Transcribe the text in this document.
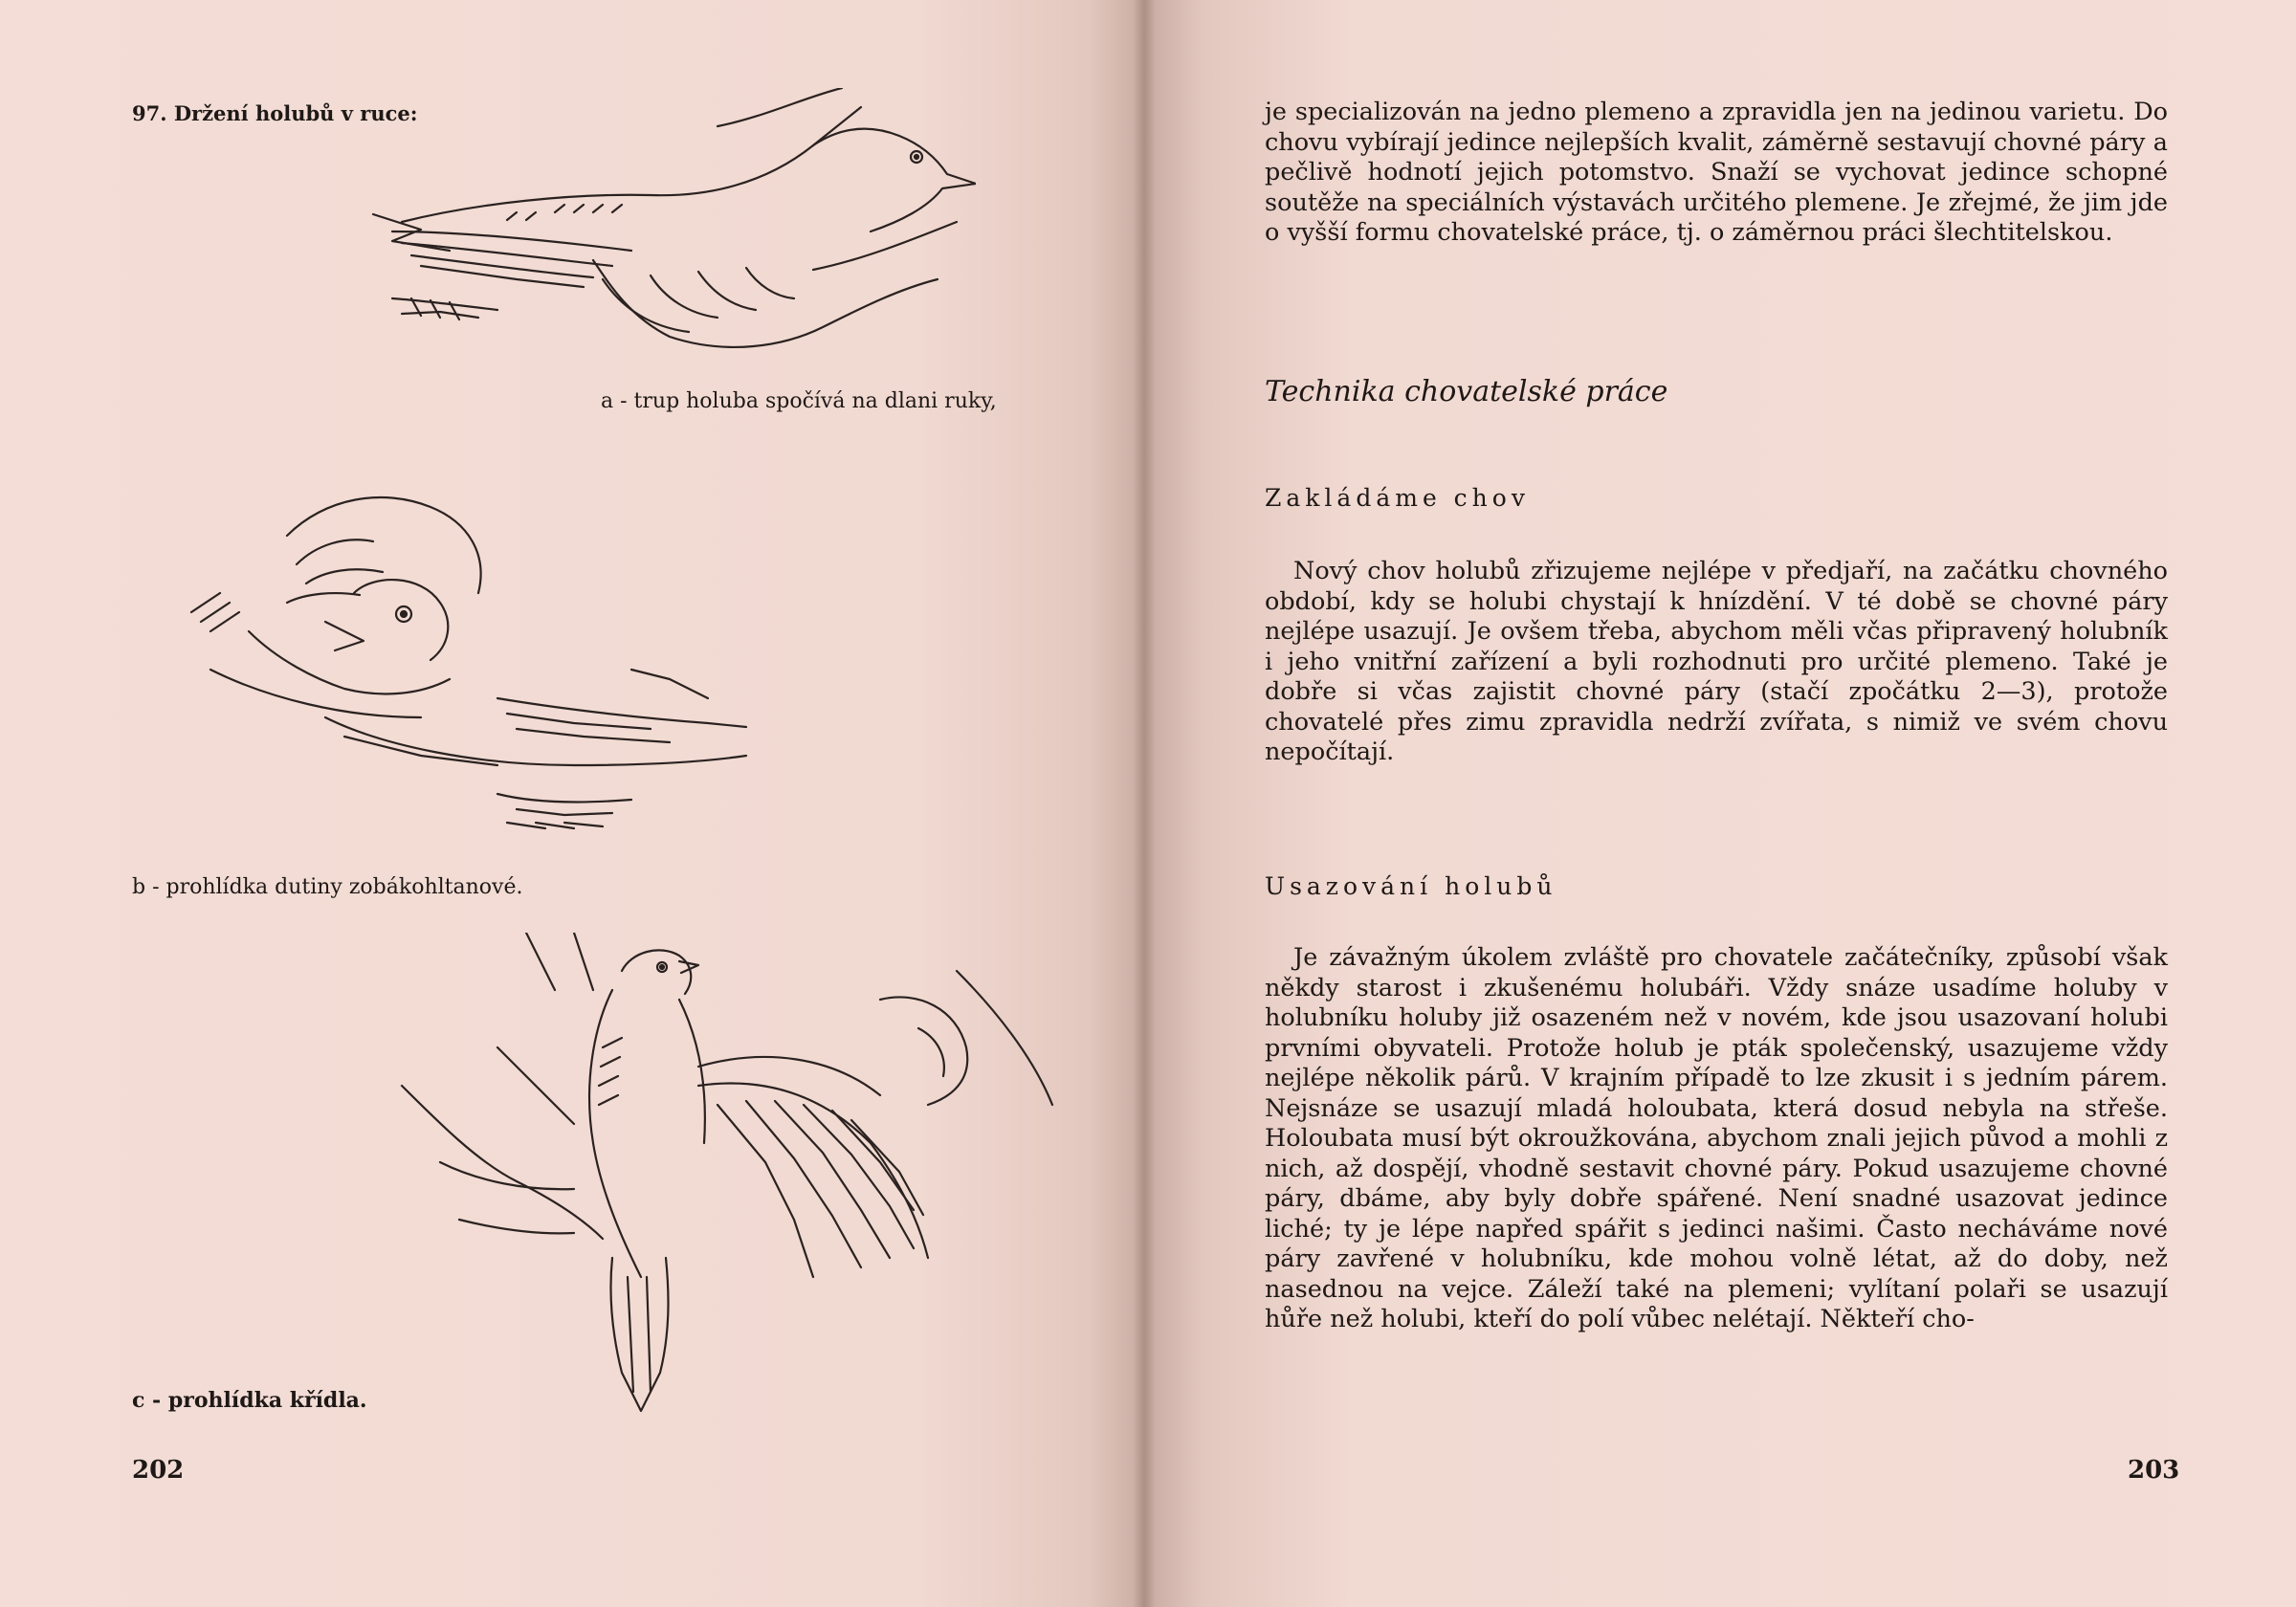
97. Držení holubů v ruce:
a - trup holuba spočívá na dlani ruky,
b - prohlídka dutiny zobákohltanové.
c - prohlídka křídla.
202

je specializován na jedno plemeno a zpravidla jen na jedinou varietu. Do chovu vybírají jedince nejlepších kvalit, záměrně sestavují chovné páry a pečlivě hodnotí jejich potomstvo. Snaží se vychovat jedince schopné soutěže na speciálních výstavách určitého plemene. Je zřejmé, že jim jde o vyšší formu chovatelské práce, tj. o záměrnou práci šlechtitelskou.

Technika chovatelské práce
Zakládáme chov

Nový chov holubů zřizujeme nejlépe v předjaří, na začátku chovného období, kdy se holubi chystají k hnízdění. V té době se chovné páry nejlépe usazují. Je ovšem třeba, abychom měli včas připravený holubník i jeho vnitřní zařízení a byli rozhodnuti pro určité plemeno. Také je dobře si včas zajistit chovné páry (stačí zpočátku 2—3), protože chovatelé přes zimu zpravidla nedrží zvířata, s nimiž ve svém chovu nepočítají.

Usazování holubů

Je závažným úkolem zvláště pro chovatele začátečníky, způsobí však někdy starost i zkušenému holubáři. Vždy snáze usadíme holuby v holubníku holuby již osazeném než v novém, kde jsou usazovaní holubi prvními obyvateli. Protože holub je pták společenský, usazujeme vždy nejlépe několik párů. V krajním případě to lze zkusit i s jedním párem. Nejsnáze se usazují mladá holoubata, která dosud nebyla na střeše. Holoubata musí být okroužkována, abychom znali jejich původ a mohli z nich, až dospějí, vhodně sestavit chovné páry. Pokud usazujeme chovné páry, dbáme, aby byly dobře spářené. Není snadné usazovat jedince liché; ty je lépe napřed spářit s jedinci našimi. Často necháváme nové páry zavřené v holubníku, kde mohou volně létat, až do doby, než nasednou na vejce. Záleží také na plemeni; vylítaní polaři se usazují hůře než holubi, kteří do polí vůbec nelétají. Někteří cho-

203
